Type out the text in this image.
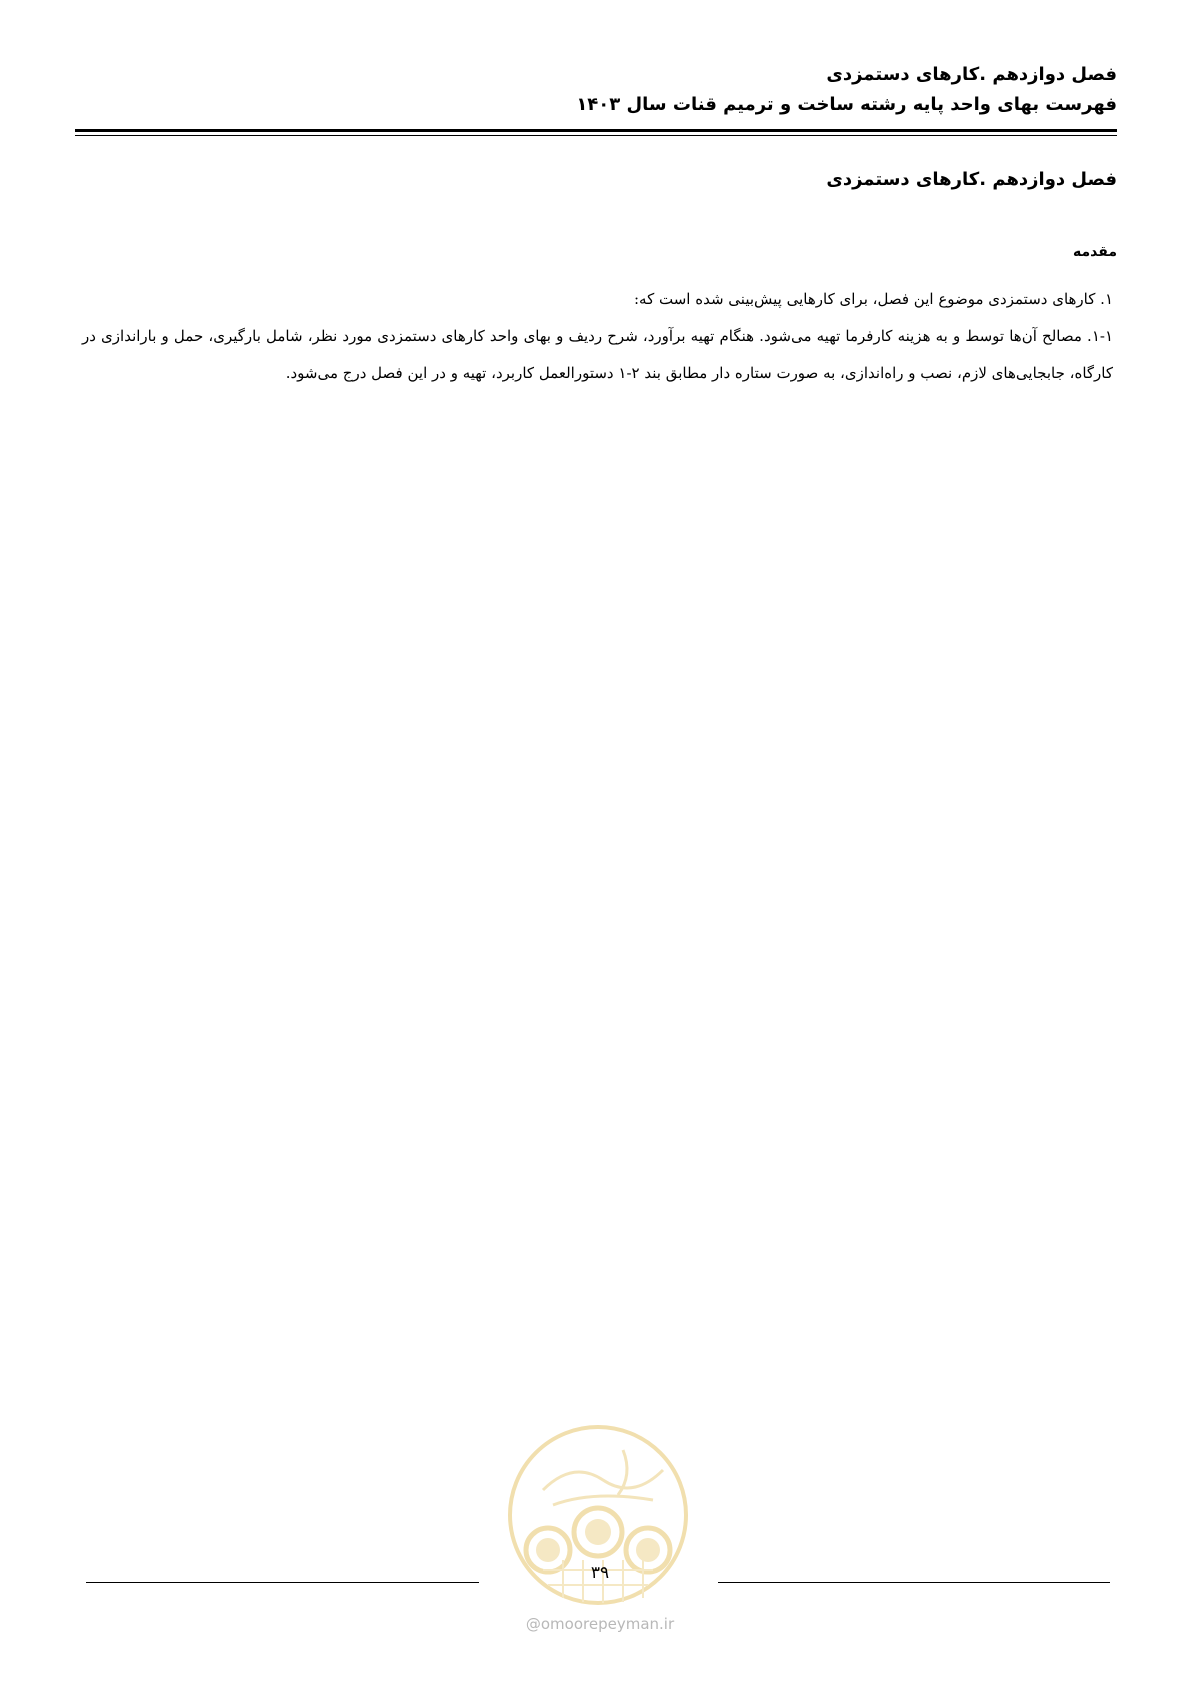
فصل دوازدهم .کارهای دستمزدی
فهرست بهای واحد پایه رشته ساخت و ترمیم قنات سال ۱۴۰۳
فصل دوازدهم .کارهای دستمزدی
مقدمه

۱. کارهای دستمزدی موضوع این فصل، برای کارهایی پیش‌بینی شده است که:

۱-۱. مصالح آن‌ها توسط و به هزینه کارفرما تهیه می‌شود. هنگام تهیه برآورد، شرح ردیف و بهای واحد کارهای دستمزدی مورد نظر، شامل بارگیری، حمل و باراندازی در کارگاه، جابجایی‌های لازم، نصب و راه‌اندازی، به صورت ستاره دار مطابق بند ۲-۱ دستورالعمل کاربرد، تهیه و در این فصل درج می‌شود.

۳۹
@omoorepeyman.ir
